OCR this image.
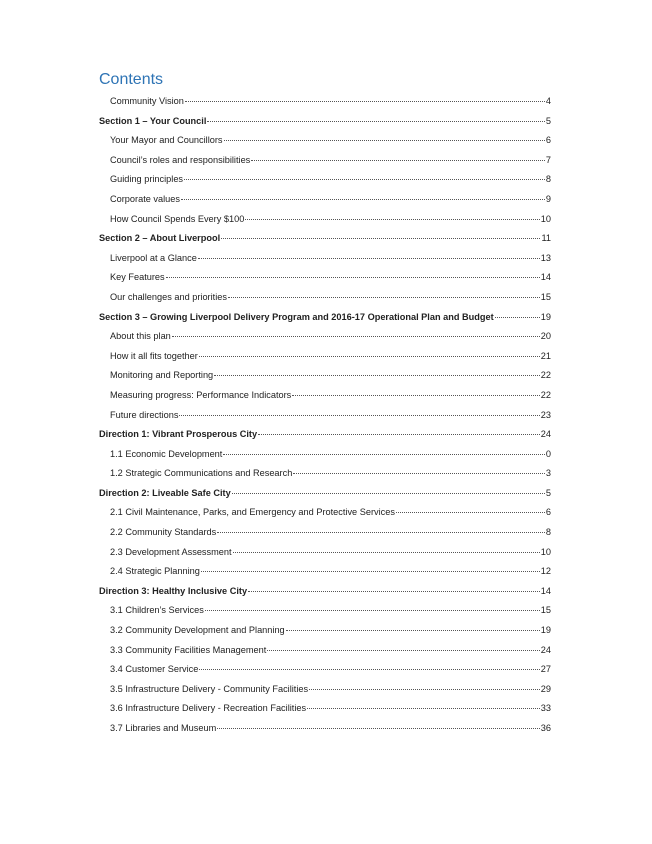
Contents
Community Vision	4
Section 1 – Your Council	5
Your Mayor and Councillors	6
Council’s roles and responsibilities	7
Guiding principles	8
Corporate values	9
How Council Spends Every $100	10
Section 2 – About Liverpool	11
Liverpool at a Glance	13
Key Features	14
Our challenges and priorities	15
Section 3 – Growing Liverpool Delivery Program and 2016-17 Operational Plan and Budget	19
About this plan	20
How it all fits together	21
Monitoring and Reporting	22
Measuring progress: Performance Indicators	22
Future directions	23
Direction 1: Vibrant Prosperous City	24
1.1 Economic Development	0
1.2 Strategic Communications and Research	3
Direction 2: Liveable Safe City	5
2.1 Civil Maintenance, Parks, and Emergency and Protective Services	6
2.2 Community Standards	8
2.3 Development Assessment	10
2.4 Strategic Planning	12
Direction 3: Healthy Inclusive City	14
3.1 Children’s Services	15
3.2 Community Development and Planning	19
3.3 Community Facilities Management	24
3.4 Customer Service	27
3.5 Infrastructure Delivery - Community Facilities	29
3.6 Infrastructure Delivery - Recreation Facilities	33
3.7 Libraries and Museum	36
